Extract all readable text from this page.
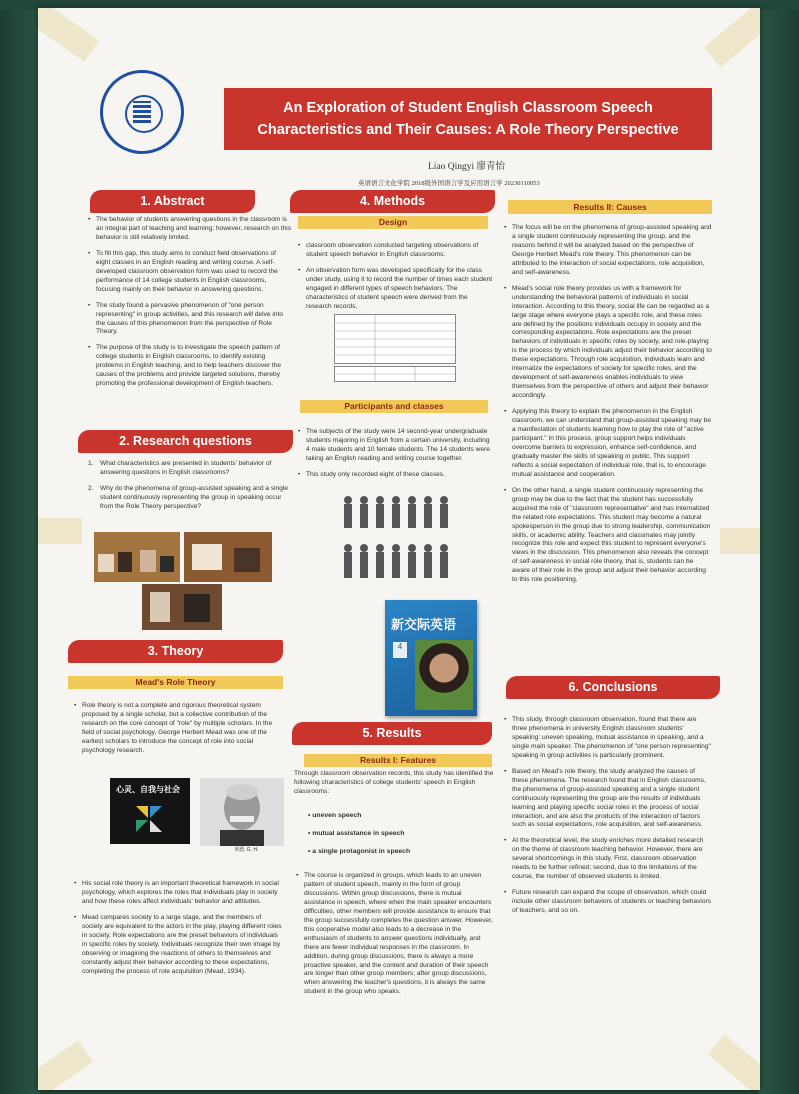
An Exploration of Student English Classroom Speech Characteristics and Their Causes: A Role Theory Perspective
Liao Qingyi 廖青怡
英语语言文化学院 2018级外国语言学及应用语言学 20230110053
1. Abstract

• The behavior of students answering questions in the classroom is an integral part of teaching and learning; however, research on this behavior is still relatively limited.

• To fill this gap, this study aims to conduct field observations of eight classes in an English reading and writing course. A self-developed classroom observation form was used to record the performance of 14 college students in English classrooms, focusing mainly on their behavior in answering questions.

• The study found a pervasive phenomenon of "one person representing" in group activities, and this research will delve into the causes of this phenomenon from the perspective of Role Theory.

• The purpose of the study is to investigate the speech pattern of college students in English classrooms, to identify existing problems in English teaching, and to help teachers discover the causes of the problems and provide targeted solutions, thereby promoting the professional development of English teachers.

2. Research questions

1. What characteristics are presented in students' behavior of answering questions in English classrooms?

2. Why do the phenomena of group-assisted speaking and a single student continuously representing the group in speaking occur from the Role Theory perspective?

3. Theory
Mead's Role Theory

• Role theory is not a complete and rigorous theoretical system proposed by a single scholar, but a collective contribution of the research on the core concept of "role" by multiple scholars. In the field of social psychology, George Herbert Mead was one of the earliest scholars to introduce the concept of role into social psychology research.

心灵、自我与社会
米德, G. H.

• His social role theory is an important theoretical framework in social psychology, which explores the roles that individuals play in society and how these roles affect individuals' behavior and attitudes.

• Mead compares society to a large stage, and the members of society are equivalent to the actors in the play, playing different roles in society. Role expectations are the preset behaviors of individuals in specific roles by society. Individuals recognize their own image by observing or imagining the reactions of others to themselves and constantly adjust their behavior according to these expectations, completing the process of role acquisition (Mead, 1934).

4. Methods
Design

• classroom observation conducted targeting observations of student speech behavior in English classrooms.

• An observation form was developed specifically for the class under study, using it to record the number of times each student engaged in different types of speech behaviors. The characteristics of student speech were derived from the research records.

Participants and classes

• The subjects of the study were 14 second-year undergraduate students majoring in English from a certain university, including 4 male students and 10 female students. The 14 students were taking an English reading and writing course together.

• This study only recorded eight of these classes.

新交际英语
4
5. Results
Results I: Features
Through classroom observation records, this study has identified the following characteristics of college students' speech in English classrooms:
• uneven speech
• mutual assistance in speech
• a single protagonist in speech

• The course is organized in groups, which leads to an uneven pattern of student speech, mainly in the form of group discussions. Within group discussions, there is mutual assistance in speech, where when the main speaker encounters difficulties, other members will provide assistance to ensure that the group successfully completes the question answer. However, this cooperative model also leads to a decrease in the enthusiasm of students to answer questions individually, and there are fewer individual responses in the classroom. In addition, during group discussions, there is always a more proactive speaker, and the content and duration of their speech are longer than other group members; after group discussions, when answering the teacher's questions, it is always the same student in the group who speaks.

Results II: Causes

• The focus will be on the phenomena of group-assisted speaking and a single student continuously representing the group, and the reasons behind it will be analyzed based on the perspective of George Herbert Mead's role theory. This phenomenon can be attributed to the interaction of social expectations, role acquisition, and self-awareness.

• Mead's social role theory provides us with a framework for understanding the behavioral patterns of individuals in social interaction. According to this theory, social life can be regarded as a large stage where everyone plays a specific role, and these roles are defined by the positions individuals occupy in society and the corresponding expectations. Role expectations are the preset behaviors of individuals in specific roles by society, and role-playing is the process by which individuals adjust their behavior according to these expectations. Through role acquisition, individuals learn and internalize the expectations of society for specific roles, and the development of self-awareness enables individuals to view themselves from the perspective of others and adjust their behavior accordingly.

• Applying this theory to explain the phenomenon in the English classroom, we can understand that group-assisted speaking may be a manifestation of students learning how to play the role of "active participant." In this process, group support helps individuals overcome barriers to expression, enhance self-confidence, and gradually master the skills of speaking in public. This support reflects a social expectation of individual role, that is, to encourage mutual assistance and cooperation.

• On the other hand, a single student continuously representing the group may be due to the fact that the student has successfully acquired the role of "classroom representative" and has internalized the related role expectations. This student may become a natural spokesperson in the group due to strong leadership, communication skills, or academic ability. Teachers and classmates may jointly recognize this role and expect this student to represent everyone's views in the discussion. This phenomenon also reveals the concept of self-awareness in social role theory, that is, students can be aware of their role in the group and adjust their behavior according to this role positioning.

6. Conclusions

• This study, through classroom observation, found that there are three phenomena in university English classroom students' speaking: uneven speaking, mutual assistance in speaking, and a single main speaker. The phenomenon of "one person representing" speaking in group activities is particularly prominent.

• Based on Mead's role theory, the study analyzed the causes of these phenomena. The research found that in English classrooms, the phenomena of group-assisted speaking and a single student continuously representing the group are the results of individuals learning and playing specific social roles in the process of social interaction, and are also the products of the interaction of factors such as social expectations, role acquisition, and self-awareness.

• At the theoretical level, the study enriches more detailed research on the theme of classroom teaching behavior. However, there are several shortcomings in this study. First, classroom observation needs to be further refined; second, due to the limitations of the course, the number of observed students is limited.

• Future research can expand the scope of observation, which could include other classroom behaviors of students or teaching behaviors of teachers, and so on.
